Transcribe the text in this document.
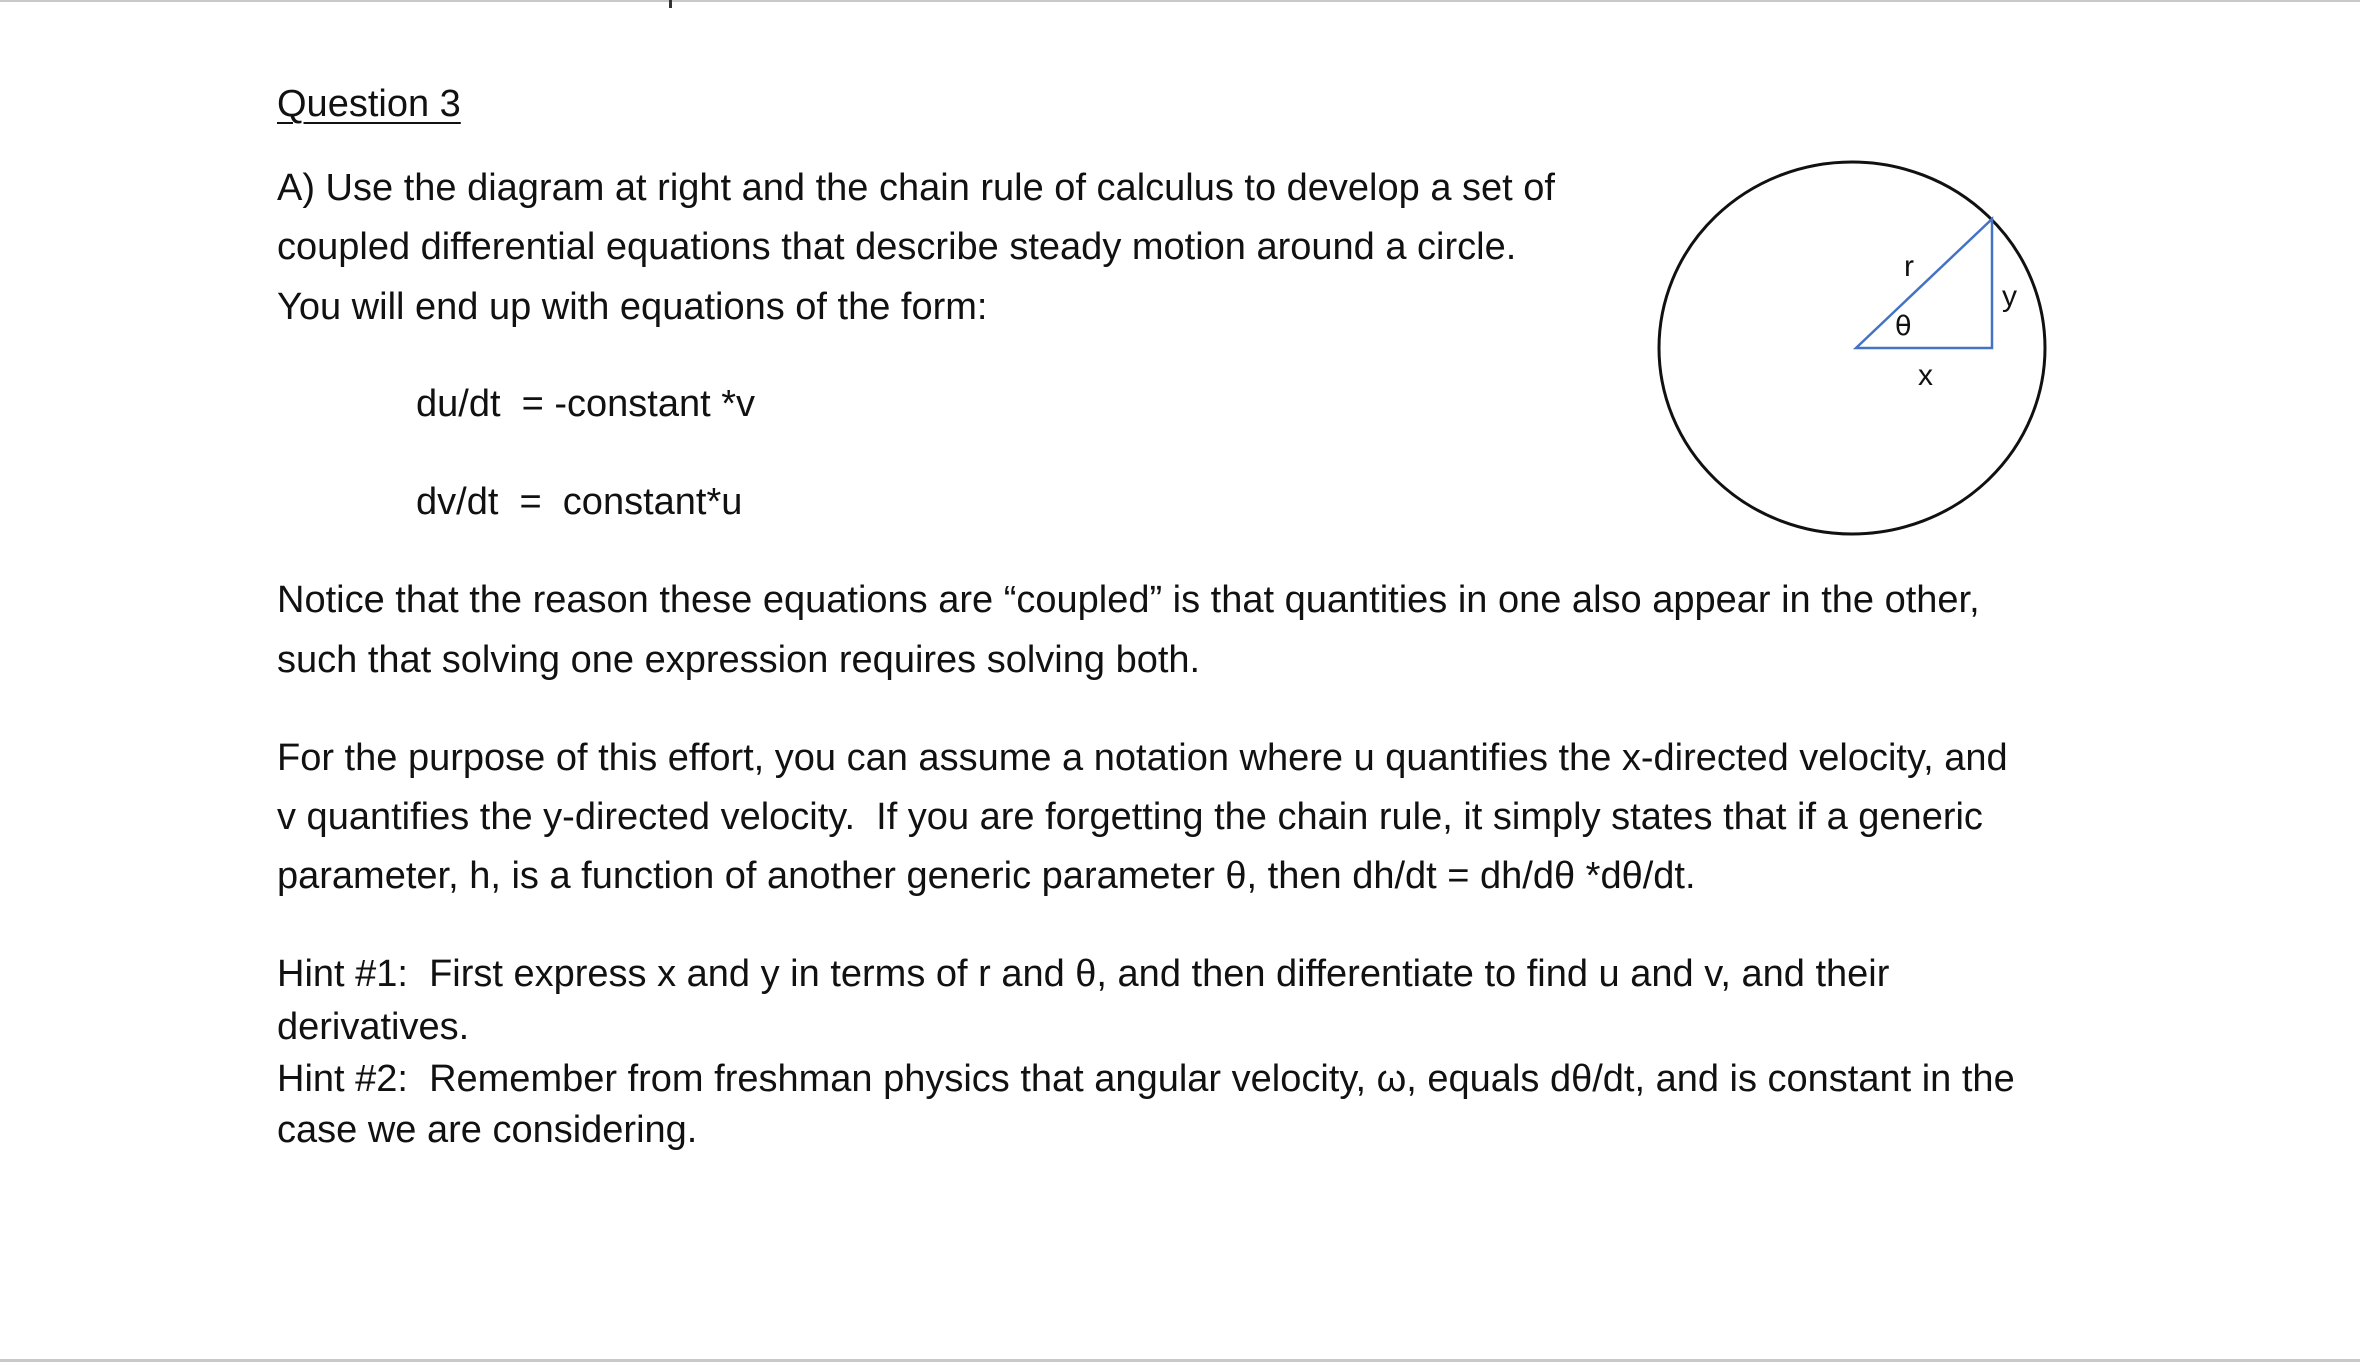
Question 3
A) Use the diagram at right and the chain rule of calculus to develop a set of
coupled differential equations that describe steady motion around a circle.
You will end up with equations of the form:
du/dt  = -constant *v
dv/dt  =  constant*u
Notice that the reason these equations are “coupled” is that quantities in one also appear in the other,
such that solving one expression requires solving both.
For the purpose of this effort, you can assume a notation where u quantifies the x-directed velocity, and
v quantifies the y-directed velocity.  If you are forgetting the chain rule, it simply states that if a generic
parameter, h, is a function of another generic parameter θ, then dh/dt = dh/dθ *dθ/dt.
Hint #1:  First express x and y in terms of r and θ, and then differentiate to find u and v, and their
derivatives.
Hint #2:  Remember from freshman physics that angular velocity, ω, equals dθ/dt, and is constant in the
case we are considering.
r
y
θ
x
